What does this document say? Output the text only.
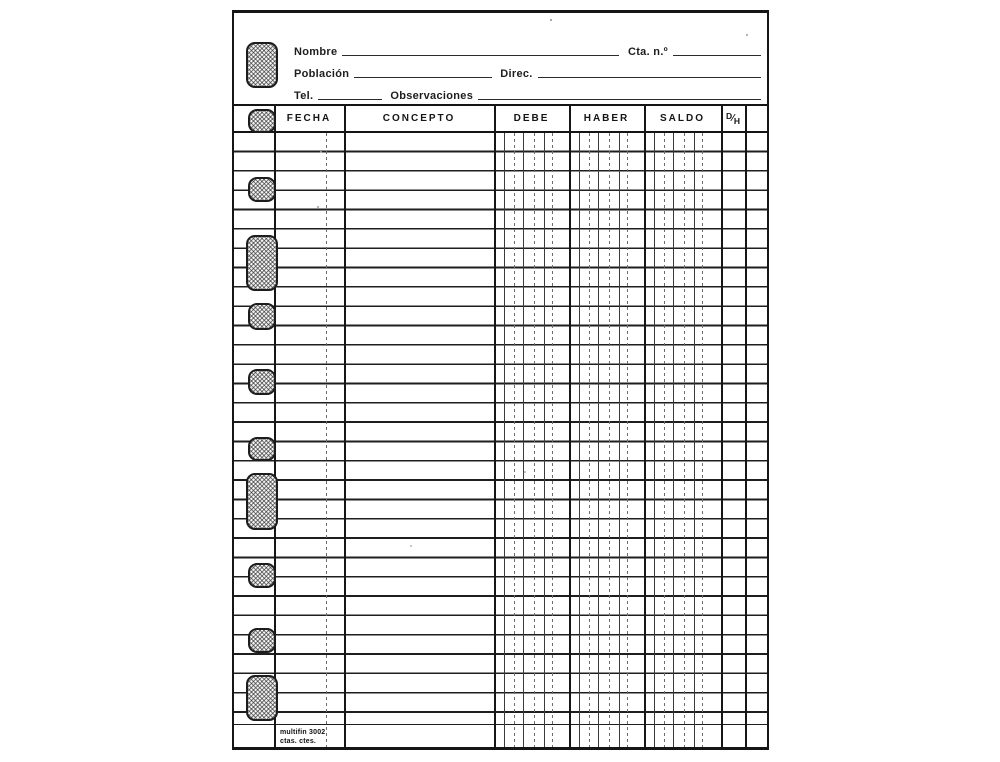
Nombre	Cta. n.º
Población	Direc.
Tel.	Observaciones
FECHA	CONCEPTO	DEBE	HABER	SALDO	D ⁄ H
multifin 3002
ctas. ctes.
